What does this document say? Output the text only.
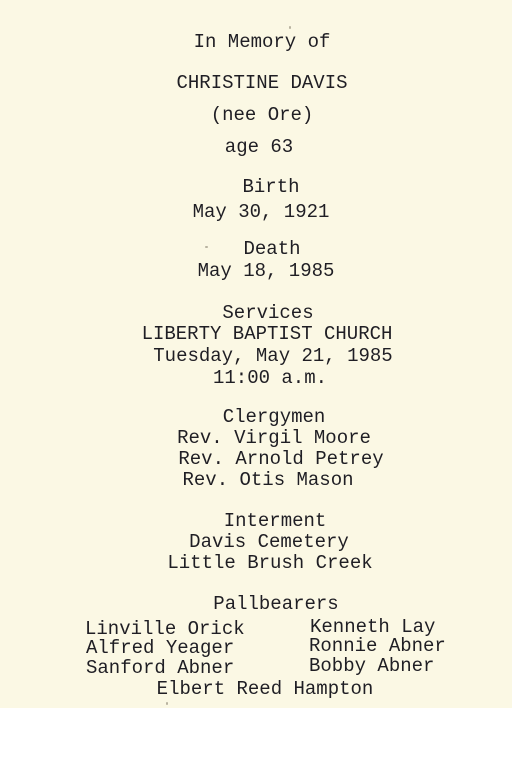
In Memory of
CHRISTINE DAVIS
(nee Ore)
age 63
Birth
May 30, 1921
Death
May 18, 1985
Services
LIBERTY BAPTIST CHURCH
Tuesday, May 21, 1985
11:00 a.m.
Clergymen
Rev. Virgil Moore
Rev. Arnold Petrey
Rev. Otis Mason
Interment
Davis Cemetery
Little Brush Creek
Pallbearers
Linville Orick
Alfred Yeager
Sanford Abner
Kenneth Lay
Ronnie Abner
Bobby Abner
Elbert Reed Hampton
